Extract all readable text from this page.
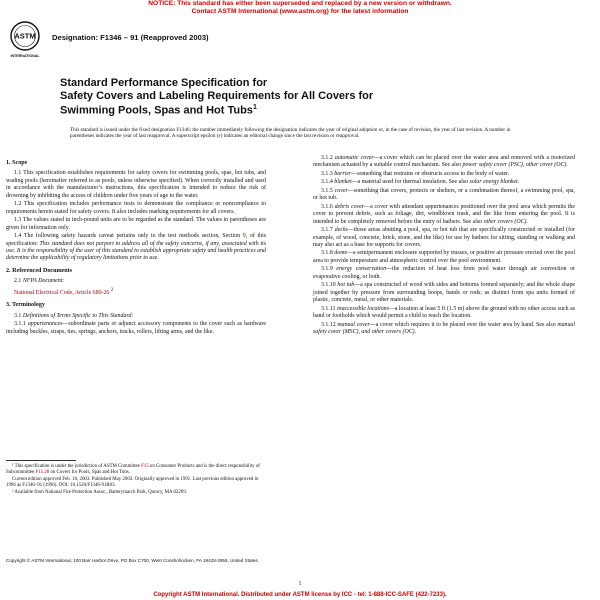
NOTICE: This standard has either been superseded and replaced by a new version or withdrawn.
Contact ASTM International (www.astm.org) for the latest information
ASTM
INTERNATIONAL
Designation: F1346 – 91 (Reapproved 2003)
Standard Performance Specification for
Safety Covers and Labeling Requirements for All Covers for
Swimming Pools, Spas and Hot Tubs$^1$
This standard is issued under the fixed designation F1346; the number immediately following the designation indicates the year of original adoption or, in the case of revision, the year of last revision. A number in parentheses indicates the year of last reapproval. A superscript epsilon (ε) indicates an editorial change since the last revision or reapproval.
1. Scope

1.1 This specification establishes requirements for safety covers for swimming pools, spas, hot tubs, and wading pools (hereinafter referred to as pools, unless otherwise specified). When correctly installed and used in accordance with the manufacturer’s instructions, this specification is intended to reduce the risk of drowning by inhibiting the access of children under five years of age to the water.

1.2 This specification includes performance tests to demonstrate the compliance or noncompliance to requirements herein stated for safety covers. It also includes marking requirements for all covers.

1.3 The values stated in inch-pound units are to be regarded as the standard. The values in parentheses are given for information only.

1.4 The following safety hazards caveat pertains only to the test methods section, Section 9, of this specification: This standard does not purport to address all of the safety concerns, if any, associated with its use. It is the responsibility of the user of this standard to establish appropriate safety and health practices and determine the applicability of regulatory limitations prior to use.

2. Referenced Documents

2.1 NFPA Document:

National Electrical Code, Article 680-26 $^2$

3. Terminology

3.1 Definitions of Terms Specific to This Standard:

3.1.1 appurtenances—subordinate parts or adjunct accessory components to the cover such as hardware including buckles, straps, ties, springs, anchors, tracks, rollers, lifting arms, and the like.

¹ This specification is under the jurisdiction of ASTM Committee F15 on Consumer Products and is the direct responsibility of Subcommittee F15.28 on Covers for Pools, Spas and Hot Tubs.

Current edition approved Feb. 10, 2003. Published May 2003. Originally approved in 1991. Last previous edition approved in 1996 as F1346–91 (1996). DOI: 10.1520/F1346-91R03.

² Available from National Fire Protection Assoc., Batterymarch Park, Quincy, MA 02269.

3.1.2 automatic cover—a cover which can be placed over the water area and removed with a motorized mechanism actuated by a suitable control mechanism. See also power safety cover (PSC), other cover (OC).

3.1.3 barrier—something that restrains or obstructs access to the body of water.

3.1.4 blanket—a material used for thermal insulation. See also solar energy blanket.

3.1.5 cover—something that covers, protects or shelters, or a combination thereof, a swimming pool, spa, or hot tub.

3.1.6 debris cover—a cover with attendant appurtenances positioned over the pool area which permits the cover to prevent debris, such as foliage, dirt, windblown trash, and the like from entering the pool. It is intended to be completely removed before the entry of bathers. See also other covers (OC).

3.1.7 decks—those areas abutting a pool, spa, or hot tub that are specifically constructed or installed (for example, of wood, concrete, brick, stone, and the like) for use by bathers for sitting, standing or walking and may also act as a base for supports for covers.

3.1.8 dome—a semipermanent enclosure supported by trusses, or positive air pressure erected over the pool area to provide temperature and atmospheric control over the pool environment.

3.1.9 energy conservation—the reduction of heat loss from pool water through air convection or evaporative cooling, or both.

3.1.10 hot tub—a spa constructed of wood with sides and bottoms formed separately; and the whole shape joined together by pressure from surrounding hoops, bands or rods; as distinct from spa units formed of plastic, concrete, metal, or other materials.

3.1.11 inaccessible locations—a location at least 5 ft (1.5 m) above the ground with no other access such as hand or footholds which would permit a child to reach the location.

3.1.12 manual cover—a cover which requires it to be placed over the water area by hand. See also manual safety cover (MSC), and other covers (OC).

Copyright © ASTM International, 100 Barr Harbor Drive, PO Box C700, West Conshohocken, PA 19428-2959, United States.
1
Copyright ASTM International. Distributed under ASTM license by ICC - tel: 1-888-ICC-SAFE (422-7233).
